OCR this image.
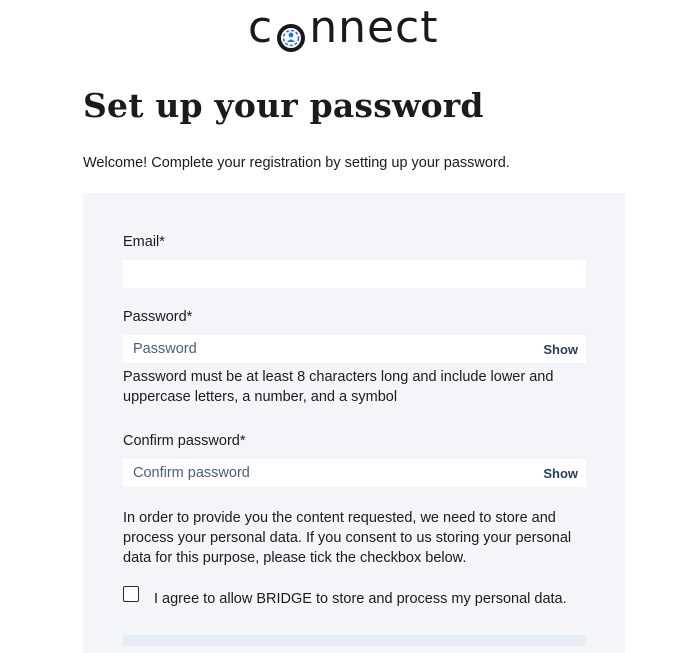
c nnect
Set up your password
Welcome! Complete your registration by setting up your password.
Email*
Password*
Password	Show
Password must be at least 8 characters long and include lower and uppercase letters, a number, and a symbol
Confirm password*
Confirm password	Show
In order to provide you the content requested, we need to store and process your personal data. If you consent to us storing your personal data for this purpose, please tick the checkbox below.
I agree to allow BRIDGE to store and process my personal data.
